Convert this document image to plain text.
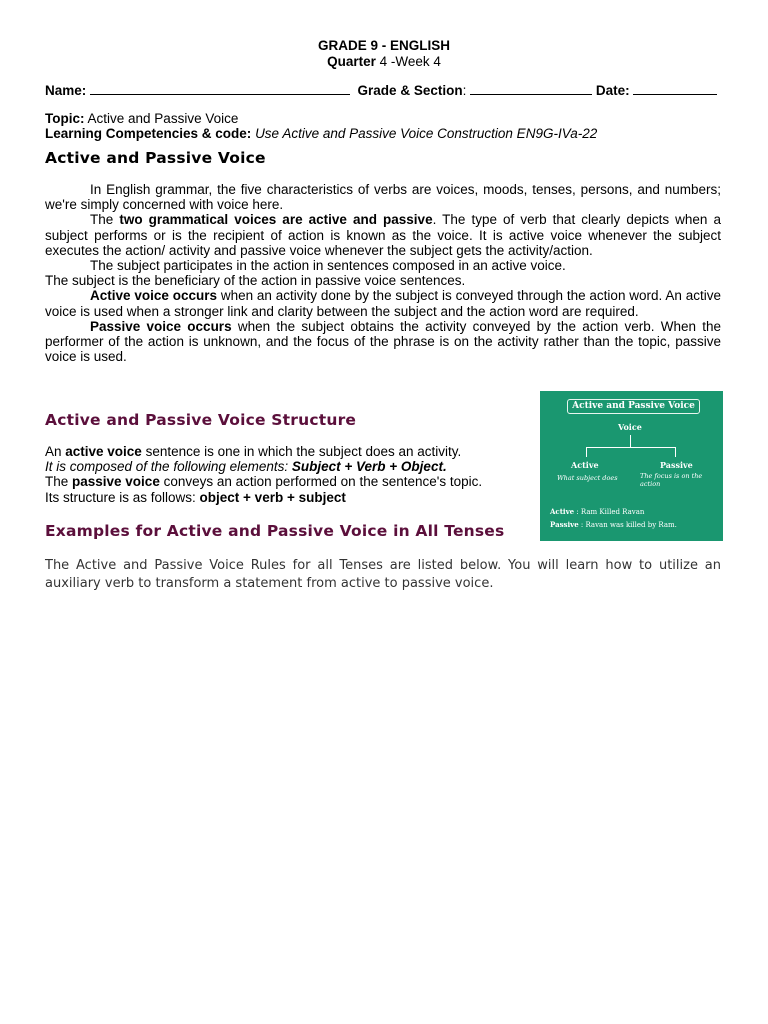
GRADE 9 - ENGLISH
Quarter 4 -Week 4
Name:	Grade & Section:	Date:
Topic: Active and Passive Voice
Learning Competencies & code: Use Active and Passive Voice Construction EN9G-IVa-22
Active and Passive Voice

In English grammar, the five characteristics of verbs are voices, moods, tenses, persons, and numbers; we're simply concerned with voice here.

The two grammatical voices are active and passive. The type of verb that clearly depicts when a subject performs or is the recipient of action is known as the voice. It is active voice whenever the subject executes the action/ activity and passive voice whenever the subject gets the activity/action.

The subject participates in the action in sentences composed in an active voice.

The subject is the beneficiary of the action in passive voice sentences.

Active voice occurs when an activity done by the subject is conveyed through the action word. An active voice is used when a stronger link and clarity between the subject and the action word are required.

Passive voice occurs when the subject obtains the activity conveyed by the action verb. When the performer of the action is unknown, and the focus of the phrase is on the activity rather than the topic, passive voice is used.

Active and Passive Voice Structure

An active voice sentence is one in which the subject does an activity.

It is composed of the following elements: Subject + Verb + Object.

The passive voice conveys an action performed on the sentence's topic.

Its structure is as follows: object + verb + subject

Examples for Active and Passive Voice in All Tenses
Active and Passive Voice
Voice
Active	Passive
What subject does	The focus is on the action
Active : Ram Killed Ravan
Passive : Ravan was killed by Ram.
The Active and Passive Voice Rules for all Tenses are listed below. You will learn how to utilize an auxiliary verb to transform a statement from active to passive voice.
